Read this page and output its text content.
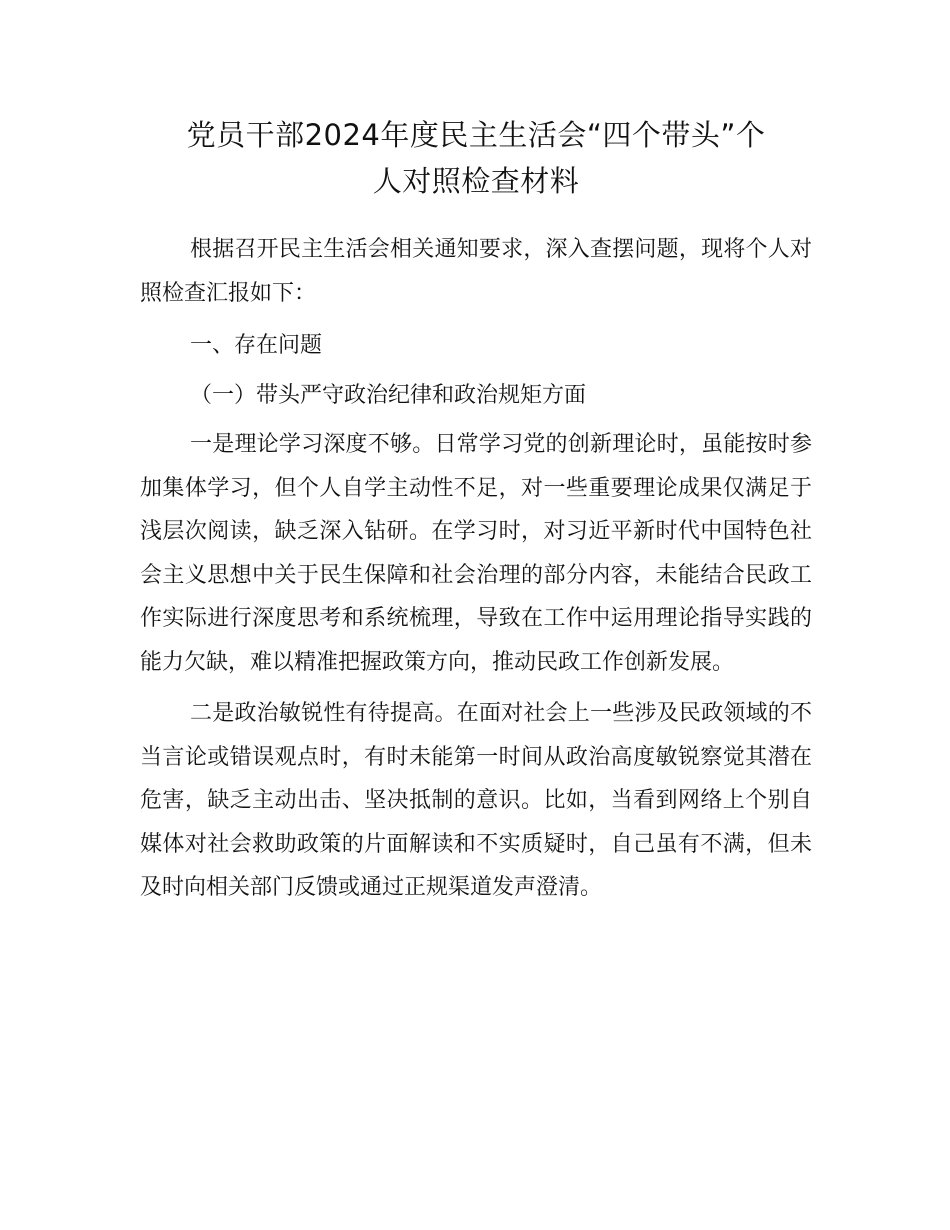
党员干部2024年度民主生活会“四个带头”个
人对照检查材料

根据召开民主生活会相关通知要求，深入查摆问题，现将个人对照检查汇报如下：

一、存在问题

（一）带头严守政治纪律和政治规矩方面

一是理论学习深度不够。日常学习党的创新理论时，虽能按时参加集体学习，但个人自学主动性不足，对一些重要理论成果仅满足于浅层次阅读，缺乏深入钻研。在学习时，对习近平新时代中国特色社会主义思想中关于民生保障和社会治理的部分内容，未能结合民政工作实际进行深度思考和系统梳理，导致在工作中运用理论指导实践的能力欠缺，难以精准把握政策方向，推动民政工作创新发展。

二是政治敏锐性有待提高。在面对社会上一些涉及民政领域的不当言论或错误观点时，有时未能第一时间从政治高度敏锐察觉其潜在危害，缺乏主动出击、坚决抵制的意识。比如，当看到网络上个别自媒体对社会救助政策的片面解读和不实质疑时，自己虽有不满，但未及时向相关部门反馈或通过正规渠道发声澄清。
